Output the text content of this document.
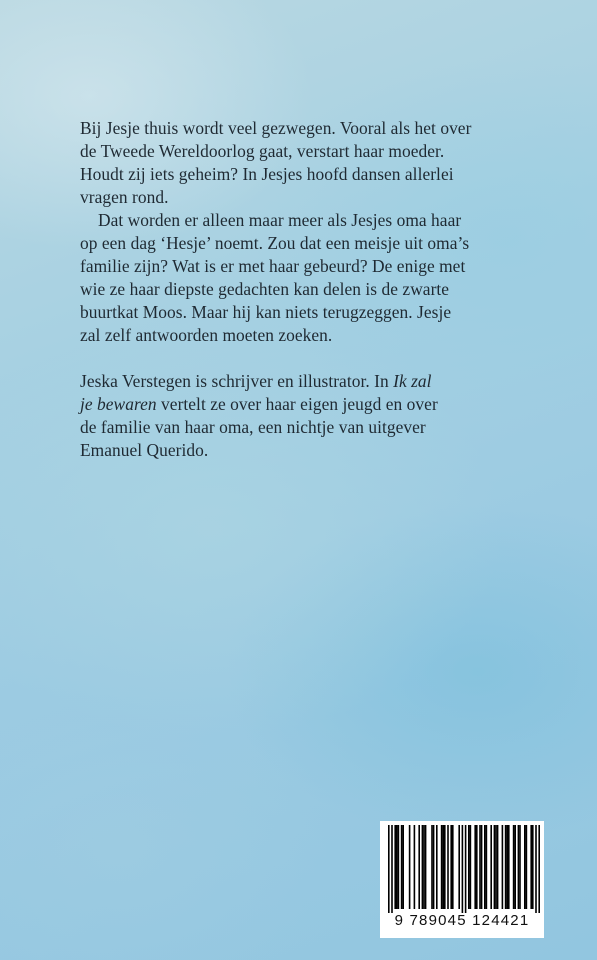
Bij Jesje thuis wordt veel gezwegen. Vooral als het over
de Tweede Wereldoorlog gaat, verstart haar moeder.
Houdt zij iets geheim? In Jesjes hoofd dansen allerlei
vragen rond.

Dat worden er alleen maar meer als Jesjes oma haar
op een dag ‘Hesje’ noemt. Zou dat een meisje uit oma’s
familie zijn? Wat is er met haar gebeurd? De enige met
wie ze haar diepste gedachten kan delen is de zwarte
buurtkat Moos. Maar hij kan niets terugzeggen. Jesje
zal zelf antwoorden moeten zoeken.

Jeska Verstegen is schrijver en illustrator. In Ik zal
je bewaren vertelt ze over haar eigen jeugd en over
de familie van haar oma, een nichtje van uitgever
Emanuel Querido.

9 789045 124421
